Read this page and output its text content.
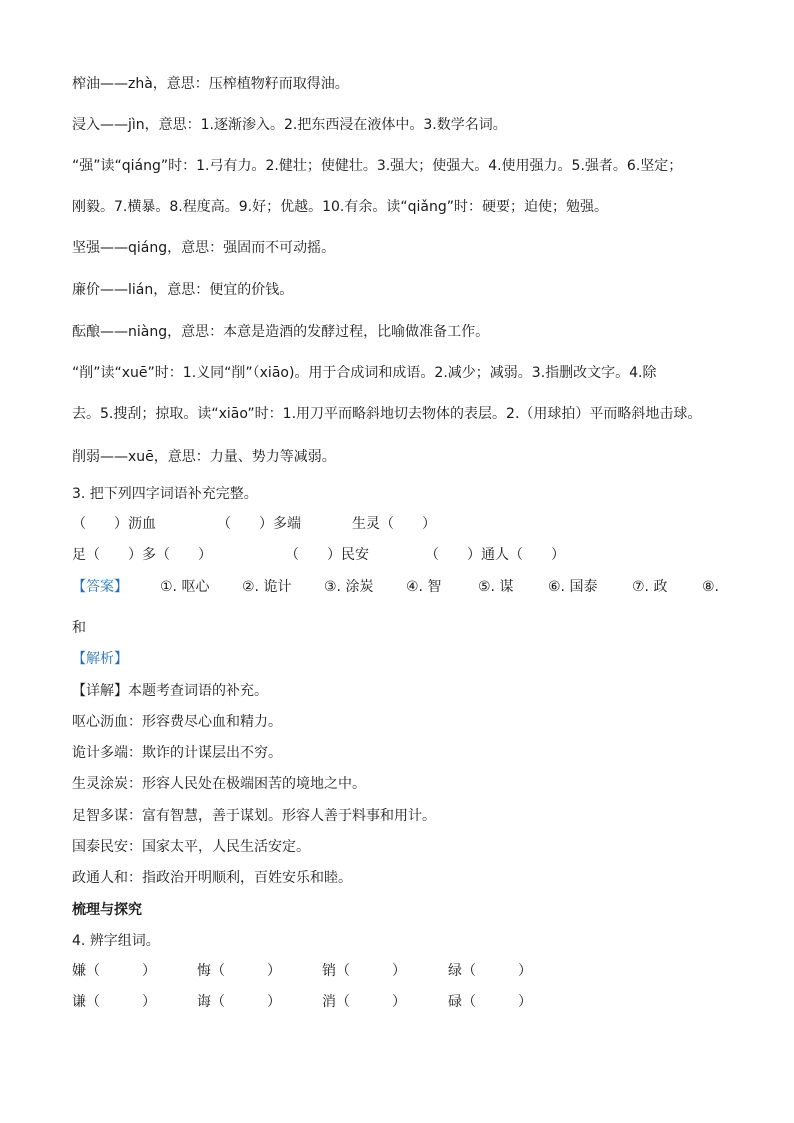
榨油——zhà，意思：压榨植物籽而取得油。
浸入——jìn，意思：1.逐渐渗入。2.把东西浸在液体中。3.数学名词。
“强”读“qiáng”时：1.弓有力。2.健壮；使健壮。3.强大；使强大。4.使用强力。5.强者。6.坚定；
刚毅。7.横暴。8.程度高。9.好；优越。10.有余。读“qiǎng”时：硬要；迫使；勉强。
坚强——qiáng，意思：强固而不可动摇。
廉价——lián，意思：便宜的价钱。
酝酿——niàng，意思：本意是造酒的发酵过程，比喻做准备工作。
“削”读“xuē”时：1.义同“削”（xiāo)。用于合成词和成语。2.减少；减弱。3.指删改文字。4.除
去。5.搜刮；掠取。读“xiāo”时：1.用刀平而略斜地切去物体的表层。2.（用球拍）平而略斜地击球。
削弱——xuē，意思：力量、势力等减弱。
3. 把下列四字词语补充完整。
（　　）沥血	（　　）多端	生灵（　　）
足（　　）多（　　）	（　　）民安	（　　）通人（　　）
【答案】 ①. 呕心 ②. 诡计 ③. 涂炭 ④. 智	⑤. 谋 ⑥. 国泰 ⑦. 政 ⑧.
和
【解析】
【详解】本题考查词语的补充。
呕心沥血：形容费尽心血和精力。
诡计多端：欺诈的计谋层出不穷。
生灵涂炭：形容人民处在极端困苦的境地之中。
足智多谋：富有智慧，善于谋划。形容人善于料事和用计。
国泰民安：国家太平，人民生活安定。
政通人和：指政治开明顺利，百姓安乐和睦。
梳理与探究
4. 辨字组词。
嫌（　　　）	悔（　　　）	销（　　　）	绿（　　　）
谦（　　　）	诲（　　　）	消（　　　）	碌（　　　）
